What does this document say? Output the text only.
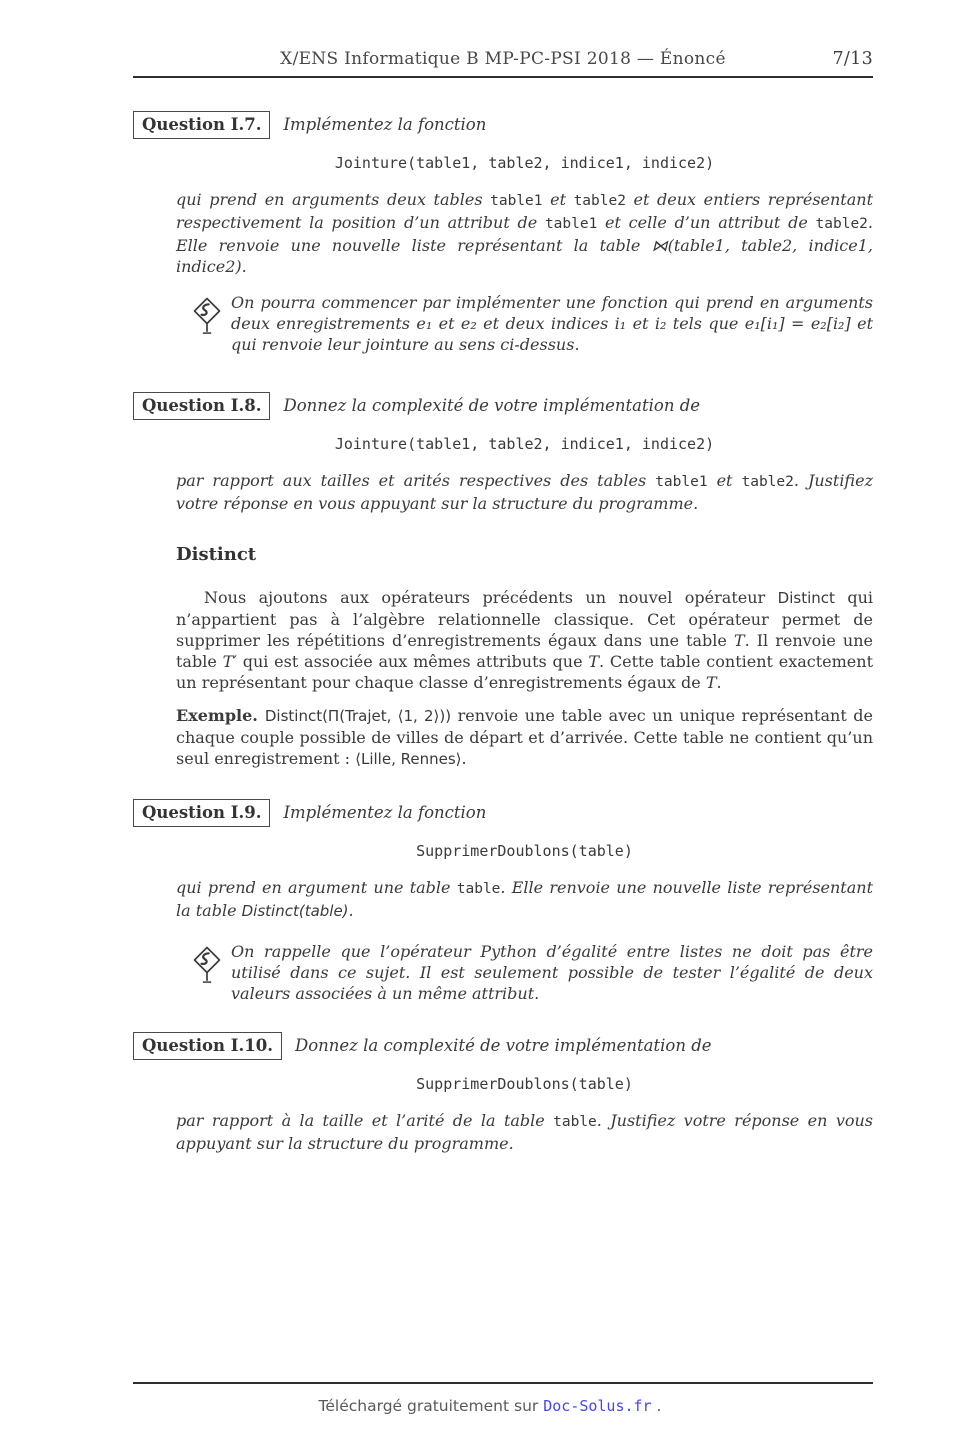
X/ENS Informatique B MP-PC-PSI 2018 — Énoncé	7/13
Question I.7.	Implémentez la fonction
Jointure(table1, table2, indice1, indice2)
qui prend en arguments deux tables table1 et table2 et deux entiers représentant respectivement la position d’un attribut de table1 et celle d’un attribut de table2. Elle renvoie une nouvelle liste représentant la table ⋈(table1, table2, indice1, indice2).
On pourra commencer par implémenter une fonction qui prend en arguments deux enregistrements e₁ et e₂ et deux indices i₁ et i₂ tels que e₁[i₁] = e₂[i₂] et qui renvoie leur jointure au sens ci-dessus.
Question I.8.	Donnez la complexité de votre implémentation de
Jointure(table1, table2, indice1, indice2)
par rapport aux tailles et arités respectives des tables table1 et table2. Justifiez votre réponse en vous appuyant sur la structure du programme.
Distinct
Nous ajoutons aux opérateurs précédents un nouvel opérateur Distinct qui n’appartient pas à l’algèbre relationnelle classique. Cet opérateur permet de supprimer les répétitions d’enregistrements égaux dans une table T. Il renvoie une table T′ qui est associée aux mêmes attributs que T. Cette table contient exactement un représentant pour chaque classe d’enregistrements égaux de T.
Exemple. Distinct(Π(Trajet, ⟨1, 2⟩)) renvoie une table avec un unique représentant de chaque couple possible de villes de départ et d’arrivée. Cette table ne contient qu’un seul enregistrement : ⟨Lille, Rennes⟩.
Question I.9.	Implémentez la fonction
SupprimerDoublons(table)
qui prend en argument une table table. Elle renvoie une nouvelle liste représentant la table Distinct(table).
On rappelle que l’opérateur Python d’égalité entre listes ne doit pas être utilisé dans ce sujet. Il est seulement possible de tester l’égalité de deux valeurs associées à un même attribut.
Question I.10.	Donnez la complexité de votre implémentation de
SupprimerDoublons(table)
par rapport à la taille et l’arité de la table table. Justifiez votre réponse en vous appuyant sur la structure du programme.
Téléchargé gratuitement sur Doc-Solus.fr .
